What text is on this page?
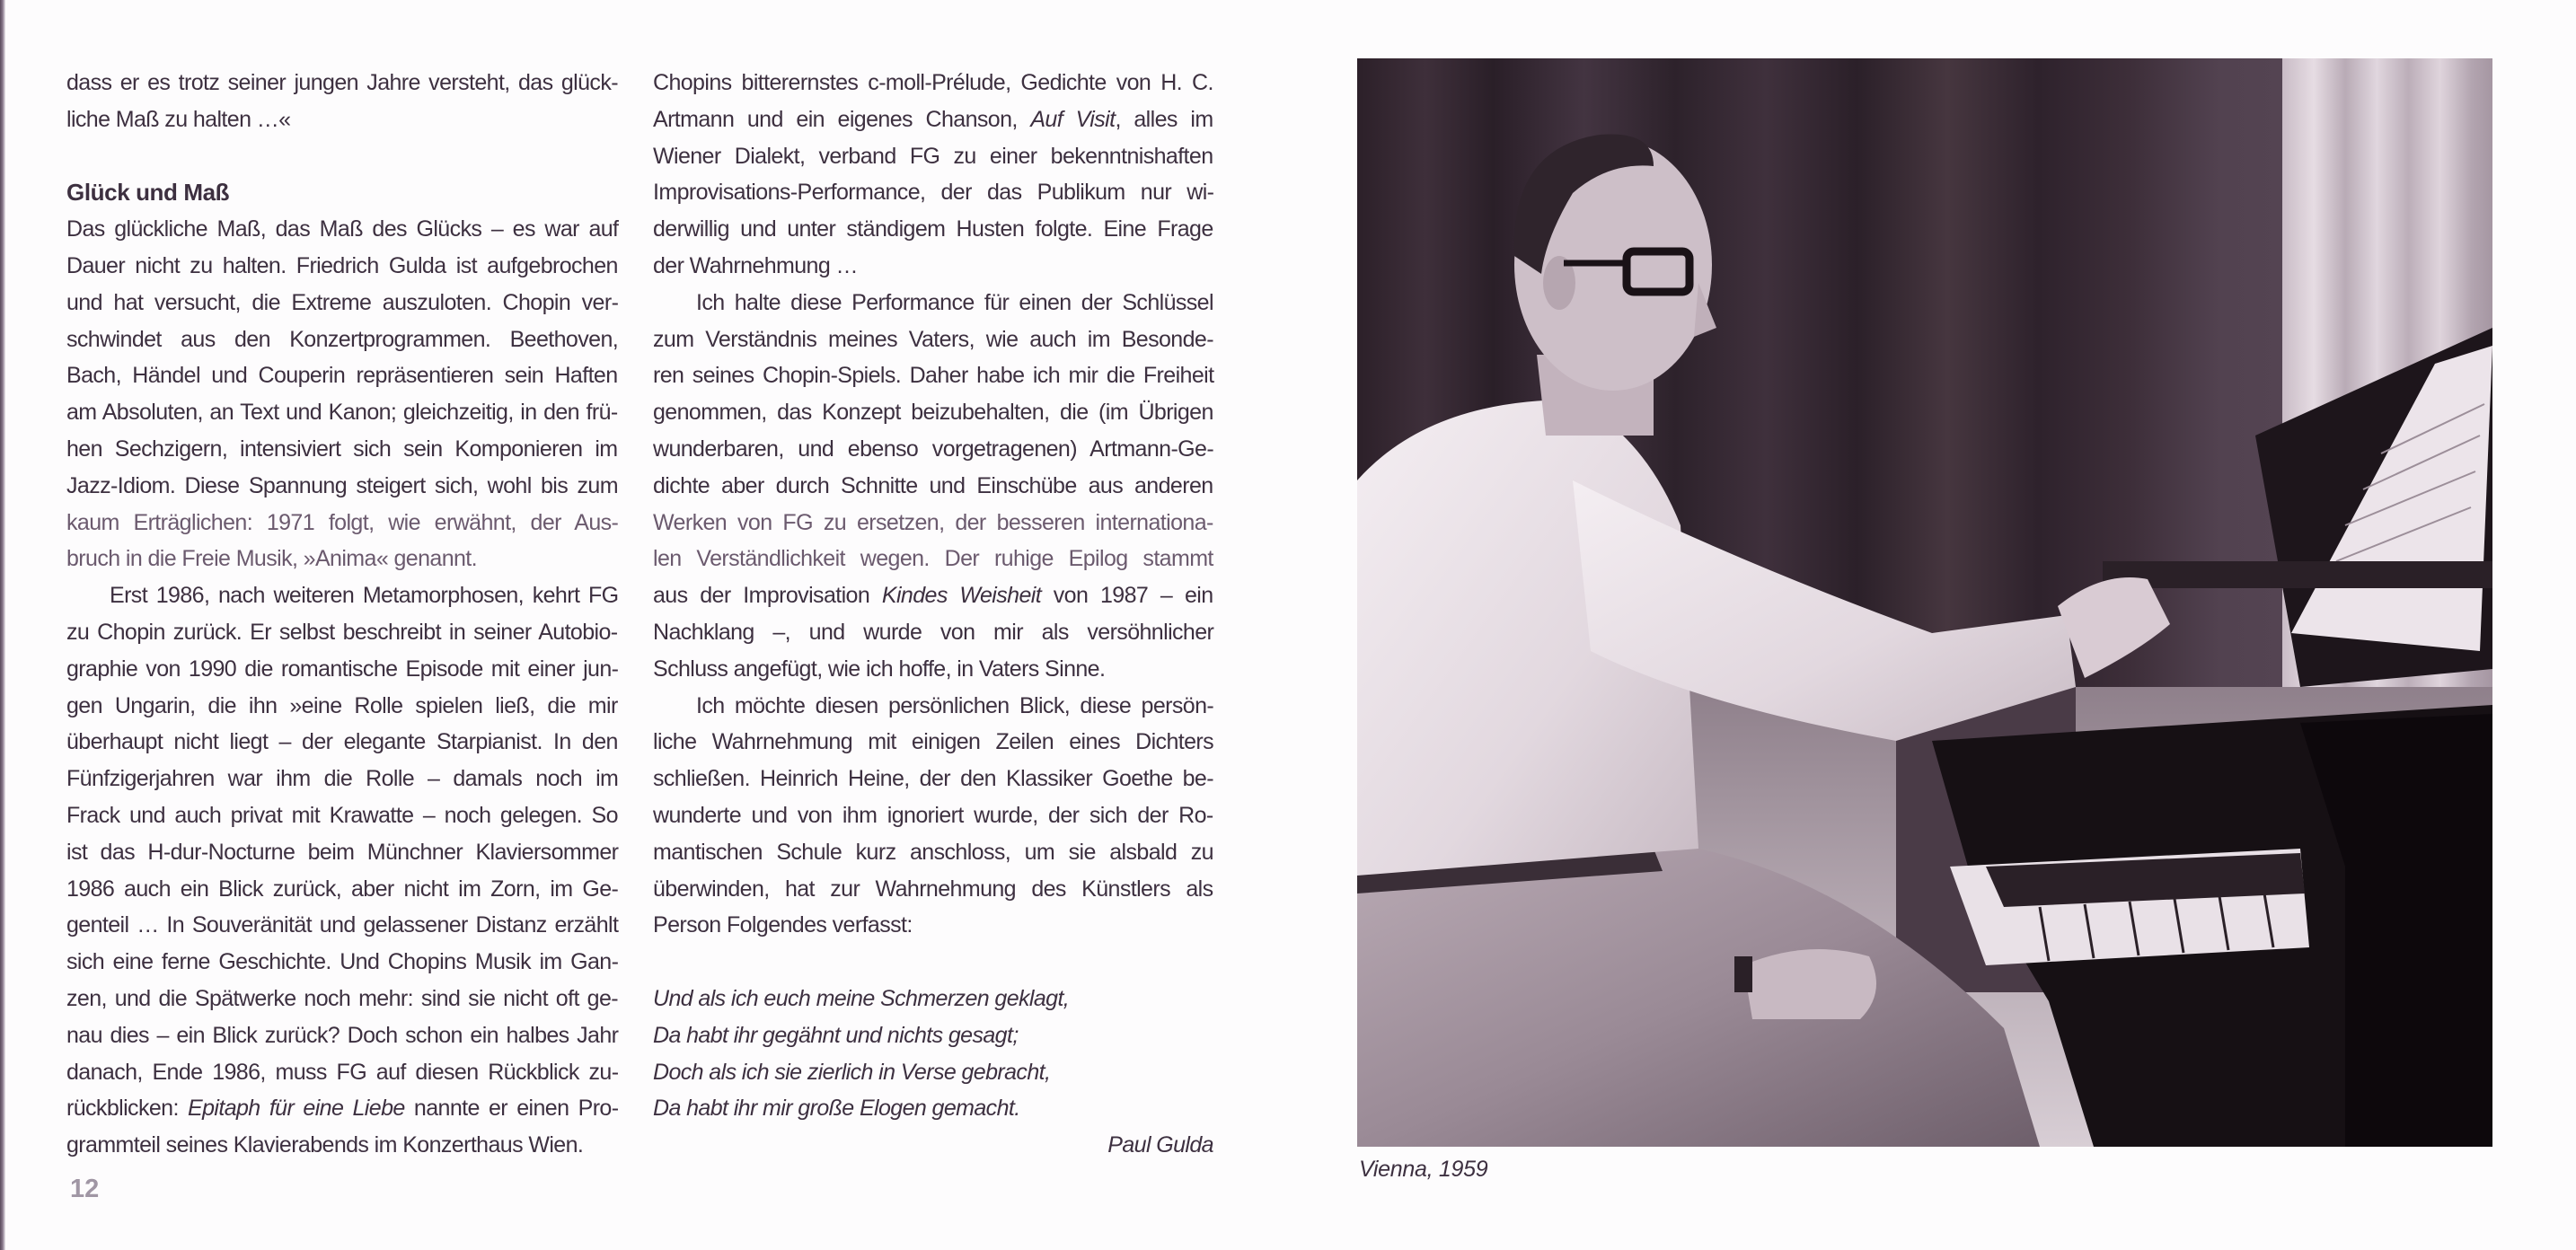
dass er es trotz seiner jungen Jahre versteht, das glück-
liche Maß zu halten …«
Glück und Maß
Das glückliche Maß, das Maß des Glücks – es war auf
Dauer nicht zu halten. Friedrich Gulda ist aufgebrochen
und hat versucht, die Extreme auszuloten. Chopin ver-
schwindet aus den Konzertprogrammen. Beethoven,
Bach, Händel und Couperin repräsentieren sein Haften
am Absoluten, an Text und Kanon; gleichzeitig, in den frü-
hen Sechzigern, intensiviert sich sein Komponieren im
Jazz-Idiom. Diese Spannung steigert sich, wohl bis zum
kaum Erträglichen: 1971 folgt, wie erwähnt, der Aus-
bruch in die Freie Musik, »Anima« genannt.
Erst 1986, nach weiteren Metamorphosen, kehrt FG
zu Chopin zurück. Er selbst beschreibt in seiner Autobio-
graphie von 1990 die romantische Episode mit einer jun-
gen Ungarin, die ihn »eine Rolle spielen ließ, die mir
überhaupt nicht liegt – der elegante Starpianist. In den
Fünfzigerjahren war ihm die Rolle – damals noch im
Frack und auch privat mit Krawatte – noch gelegen. So
ist das H-dur-Nocturne beim Münchner Klaviersommer
1986 auch ein Blick zurück, aber nicht im Zorn, im Ge-
genteil … In Souveränität und gelassener Distanz erzählt
sich eine ferne Geschichte. Und Chopins Musik im Gan-
zen, und die Spätwerke noch mehr: sind sie nicht oft ge-
nau dies – ein Blick zurück? Doch schon ein halbes Jahr
danach, Ende 1986, muss FG auf diesen Rückblick zu-
rückblicken: Epitaph für eine Liebe nannte er einen Pro-
grammteil seines Klavierabends im Konzerthaus Wien.
12
Chopins bitterernstes c-moll-Prélude, Gedichte von H. C.
Artmann und ein eigenes Chanson, Auf Visit, alles im
Wiener Dialekt, verband FG zu einer bekenntnishaften
Improvisations-Performance, der das Publikum nur wi-
derwillig und unter ständigem Husten folgte. Eine Frage
der Wahrnehmung …
Ich halte diese Performance für einen der Schlüssel
zum Verständnis meines Vaters, wie auch im Besonde-
ren seines Chopin-Spiels. Daher habe ich mir die Freiheit
genommen, das Konzept beizubehalten, die (im Übrigen
wunderbaren, und ebenso vorgetragenen) Artmann-Ge-
dichte aber durch Schnitte und Einschübe aus anderen
Werken von FG zu ersetzen, der besseren internationa-
len Verständlichkeit wegen. Der ruhige Epilog stammt
aus der Improvisation Kindes Weisheit von 1987 – ein
Nachklang –, und wurde von mir als versöhnlicher
Schluss angefügt, wie ich hoffe, in Vaters Sinne.
Ich möchte diesen persönlichen Blick, diese persön-
liche Wahrnehmung mit einigen Zeilen eines Dichters
schließen. Heinrich Heine, der den Klassiker Goethe be-
wunderte und von ihm ignoriert wurde, der sich der Ro-
mantischen Schule kurz anschloss, um sie alsbald zu
überwinden, hat zur Wahrnehmung des Künstlers als
Person Folgendes verfasst:
Und als ich euch meine Schmerzen geklagt,
Da habt ihr gegähnt und nichts gesagt;
Doch als ich sie zierlich in Verse gebracht,
Da habt ihr mir große Elogen gemacht.
Paul Gulda
Vienna, 1959
